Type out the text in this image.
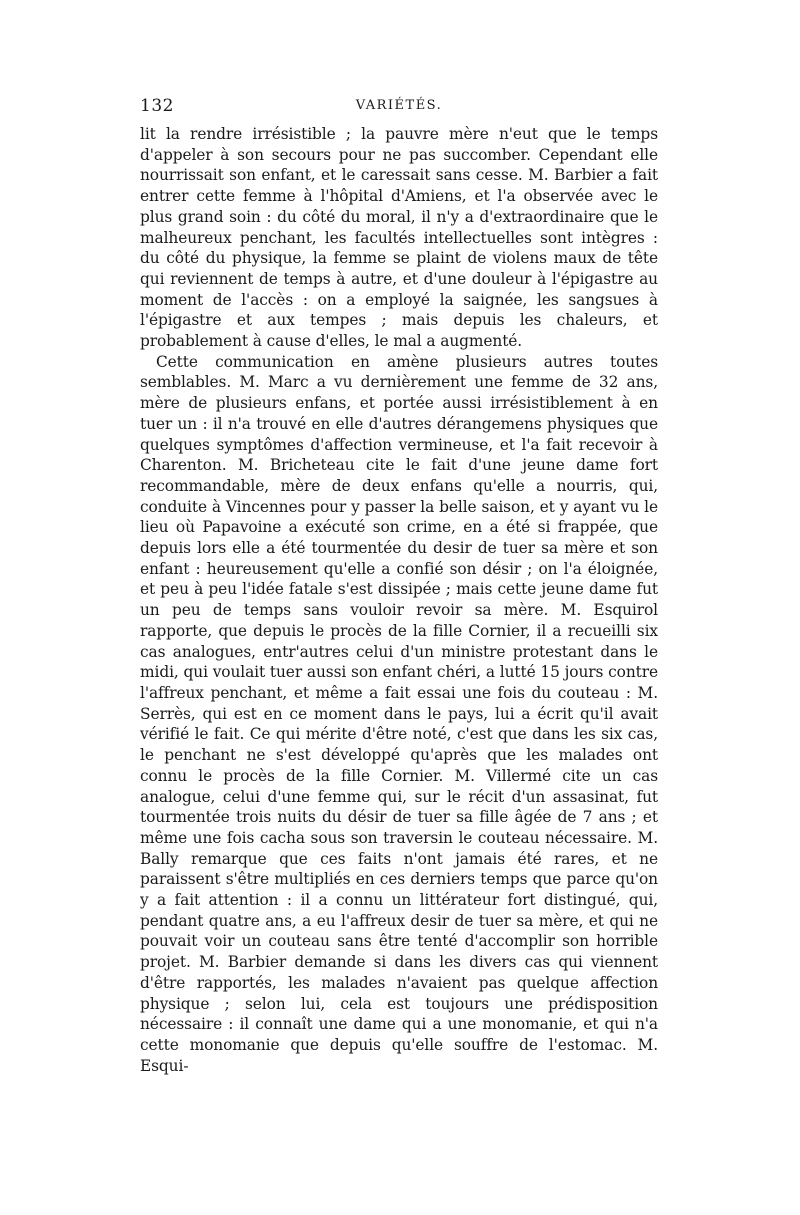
132	VARIÉTÉS.

lit la rendre irrésistible ; la pauvre mère n'eut que le temps d'appeler à son secours pour ne pas succomber. Cependant elle nourrissait son enfant, et le caressait sans cesse. M. Barbier a fait entrer cette femme à l'hôpital d'Amiens, et l'a observée avec le plus grand soin : du côté du moral, il n'y a d'extraordinaire que le malheureux penchant, les facultés intellectuelles sont intègres : du côté du physique, la femme se plaint de violens maux de tête qui reviennent de temps à autre, et d'une douleur à l'épigastre au moment de l'accès : on a employé la saignée, les sangsues à l'épigastre et aux tempes ; mais depuis les chaleurs, et probablement à cause d'elles, le mal a augmenté.

Cette communication en amène plusieurs autres toutes semblables. M. Marc a vu dernièrement une femme de 32 ans, mère de plusieurs enfans, et portée aussi irrésistiblement à en tuer un : il n'a trouvé en elle d'autres dérangemens physiques que quelques symptômes d'affection vermineuse, et l'a fait recevoir à Charenton. M. Bricheteau cite le fait d'une jeune dame fort recommandable, mère de deux enfans qu'elle a nourris, qui, conduite à Vincennes pour y passer la belle saison, et y ayant vu le lieu où Papavoine a exécuté son crime, en a été si frappée, que depuis lors elle a été tourmentée du desir de tuer sa mère et son enfant : heureusement qu'elle a confié son désir ; on l'a éloignée, et peu à peu l'idée fatale s'est dissipée ; mais cette jeune dame fut un peu de temps sans vouloir revoir sa mère. M. Esquirol rapporte, que depuis le procès de la fille Cornier, il a recueilli six cas analogues, entr'autres celui d'un ministre protestant dans le midi, qui voulait tuer aussi son enfant chéri, a lutté 15 jours contre l'affreux penchant, et même a fait essai une fois du couteau : M. Serrès, qui est en ce moment dans le pays, lui a écrit qu'il avait vérifié le fait. Ce qui mérite d'être noté, c'est que dans les six cas, le penchant ne s'est développé qu'après que les malades ont connu le procès de la fille Cornier. M. Villermé cite un cas analogue, celui d'une femme qui, sur le récit d'un assasinat, fut tourmentée trois nuits du désir de tuer sa fille âgée de 7 ans ; et même une fois cacha sous son traversin le couteau nécessaire. M. Bally remarque que ces faits n'ont jamais été rares, et ne paraissent s'être multipliés en ces derniers temps que parce qu'on y a fait attention : il a connu un littérateur fort distingué, qui, pendant quatre ans, a eu l'affreux desir de tuer sa mère, et qui ne pouvait voir un couteau sans être tenté d'accomplir son horrible projet. M. Barbier demande si dans les divers cas qui viennent d'être rapportés, les malades n'avaient pas quelque affection physique ; selon lui, cela est toujours une prédisposition nécessaire : il connaît une dame qui a une monomanie, et qui n'a cette monomanie que depuis qu'elle souffre de l'estomac. M. Esqui-
